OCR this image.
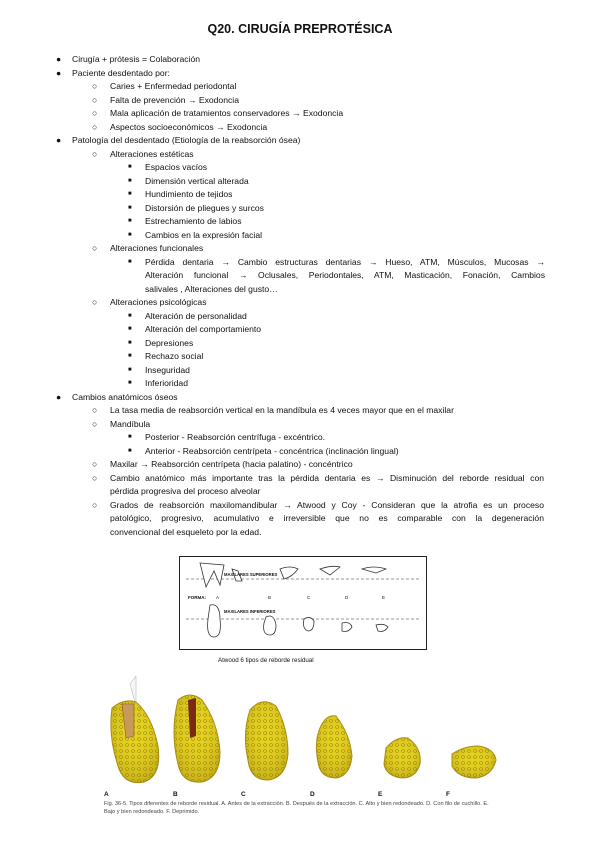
Q20. CIRUGÍA PREPROTÉSICA
● Cirugía + prótesis = Colaboración
● Paciente desdentado por:
○ Caries + Enfermedad periodontal
○ Falta de prevención → Exodoncia
○ Mala aplicación de tratamientos conservadores → Exodoncia
○ Aspectos socioeconómicos → Exodoncia
● Patología del desdentado (Etiología de la reabsorción ósea)
○ Alteraciones estéticas
■ Espacios vacíos
■ Dimensión vertical alterada
■ Hundimiento de tejidos
■ Distorsión de pliegues y surcos
■ Estrechamiento de labios
■ Cambios en la expresión facial
○ Alteraciones funcionales
■ Pérdida dentaria → Cambio estructuras dentarias → Hueso, ATM, Músculos, Mucosas →
Alteración funcional → Oclusales, Periodontales, ATM, Masticación, Fonación, Cambios
salivales , Alteraciones del gusto…
○ Alteraciones psicológicas
■ Alteración de personalidad
■ Alteración del comportamiento
■ Depresiones
■ Rechazo social
■ Inseguridad
■ Inferioridad
● Cambios anatómicos óseos
○ La tasa media de reabsorción vertical en la mandíbula es 4 veces mayor que en el maxilar
○ Mandíbula
■ Posterior - Reabsorción centrífuga - excéntrico.
■ Anterior - Reabsorción centrípeta - concéntrica (inclinación lingual)
○ Maxilar → Reabsorción centrípeta (hacia palatino) - concéntrico
○ Cambio anatómico más importante tras la pérdida dentaria es → Disminución del reborde residual con
pérdida progresiva del proceso alveolar
○ Grados de reabsorción maxilomandibular → Atwood y Coy - Consideran que la atrofia es un proceso
patológico, progresivo, acumulativo e irreversible que no es comparable con la degeneración
convencional del esqueleto por la edad.
MAXILARES SUPERIORES
MAXILARES INFERIORES
FORMA: A	B	C	D	E
Atwood 6 tipos de reborde residual
A	B	C	D	E	F
Fig. 36-5. Tipos diferentes de reborde residual. A. Antes de la extracción. B. Después de la extracción. C. Alto y bien redondeado. D. Con filo de cuchillo. E. Bajo y bien redondeado. F. Deprimido.
